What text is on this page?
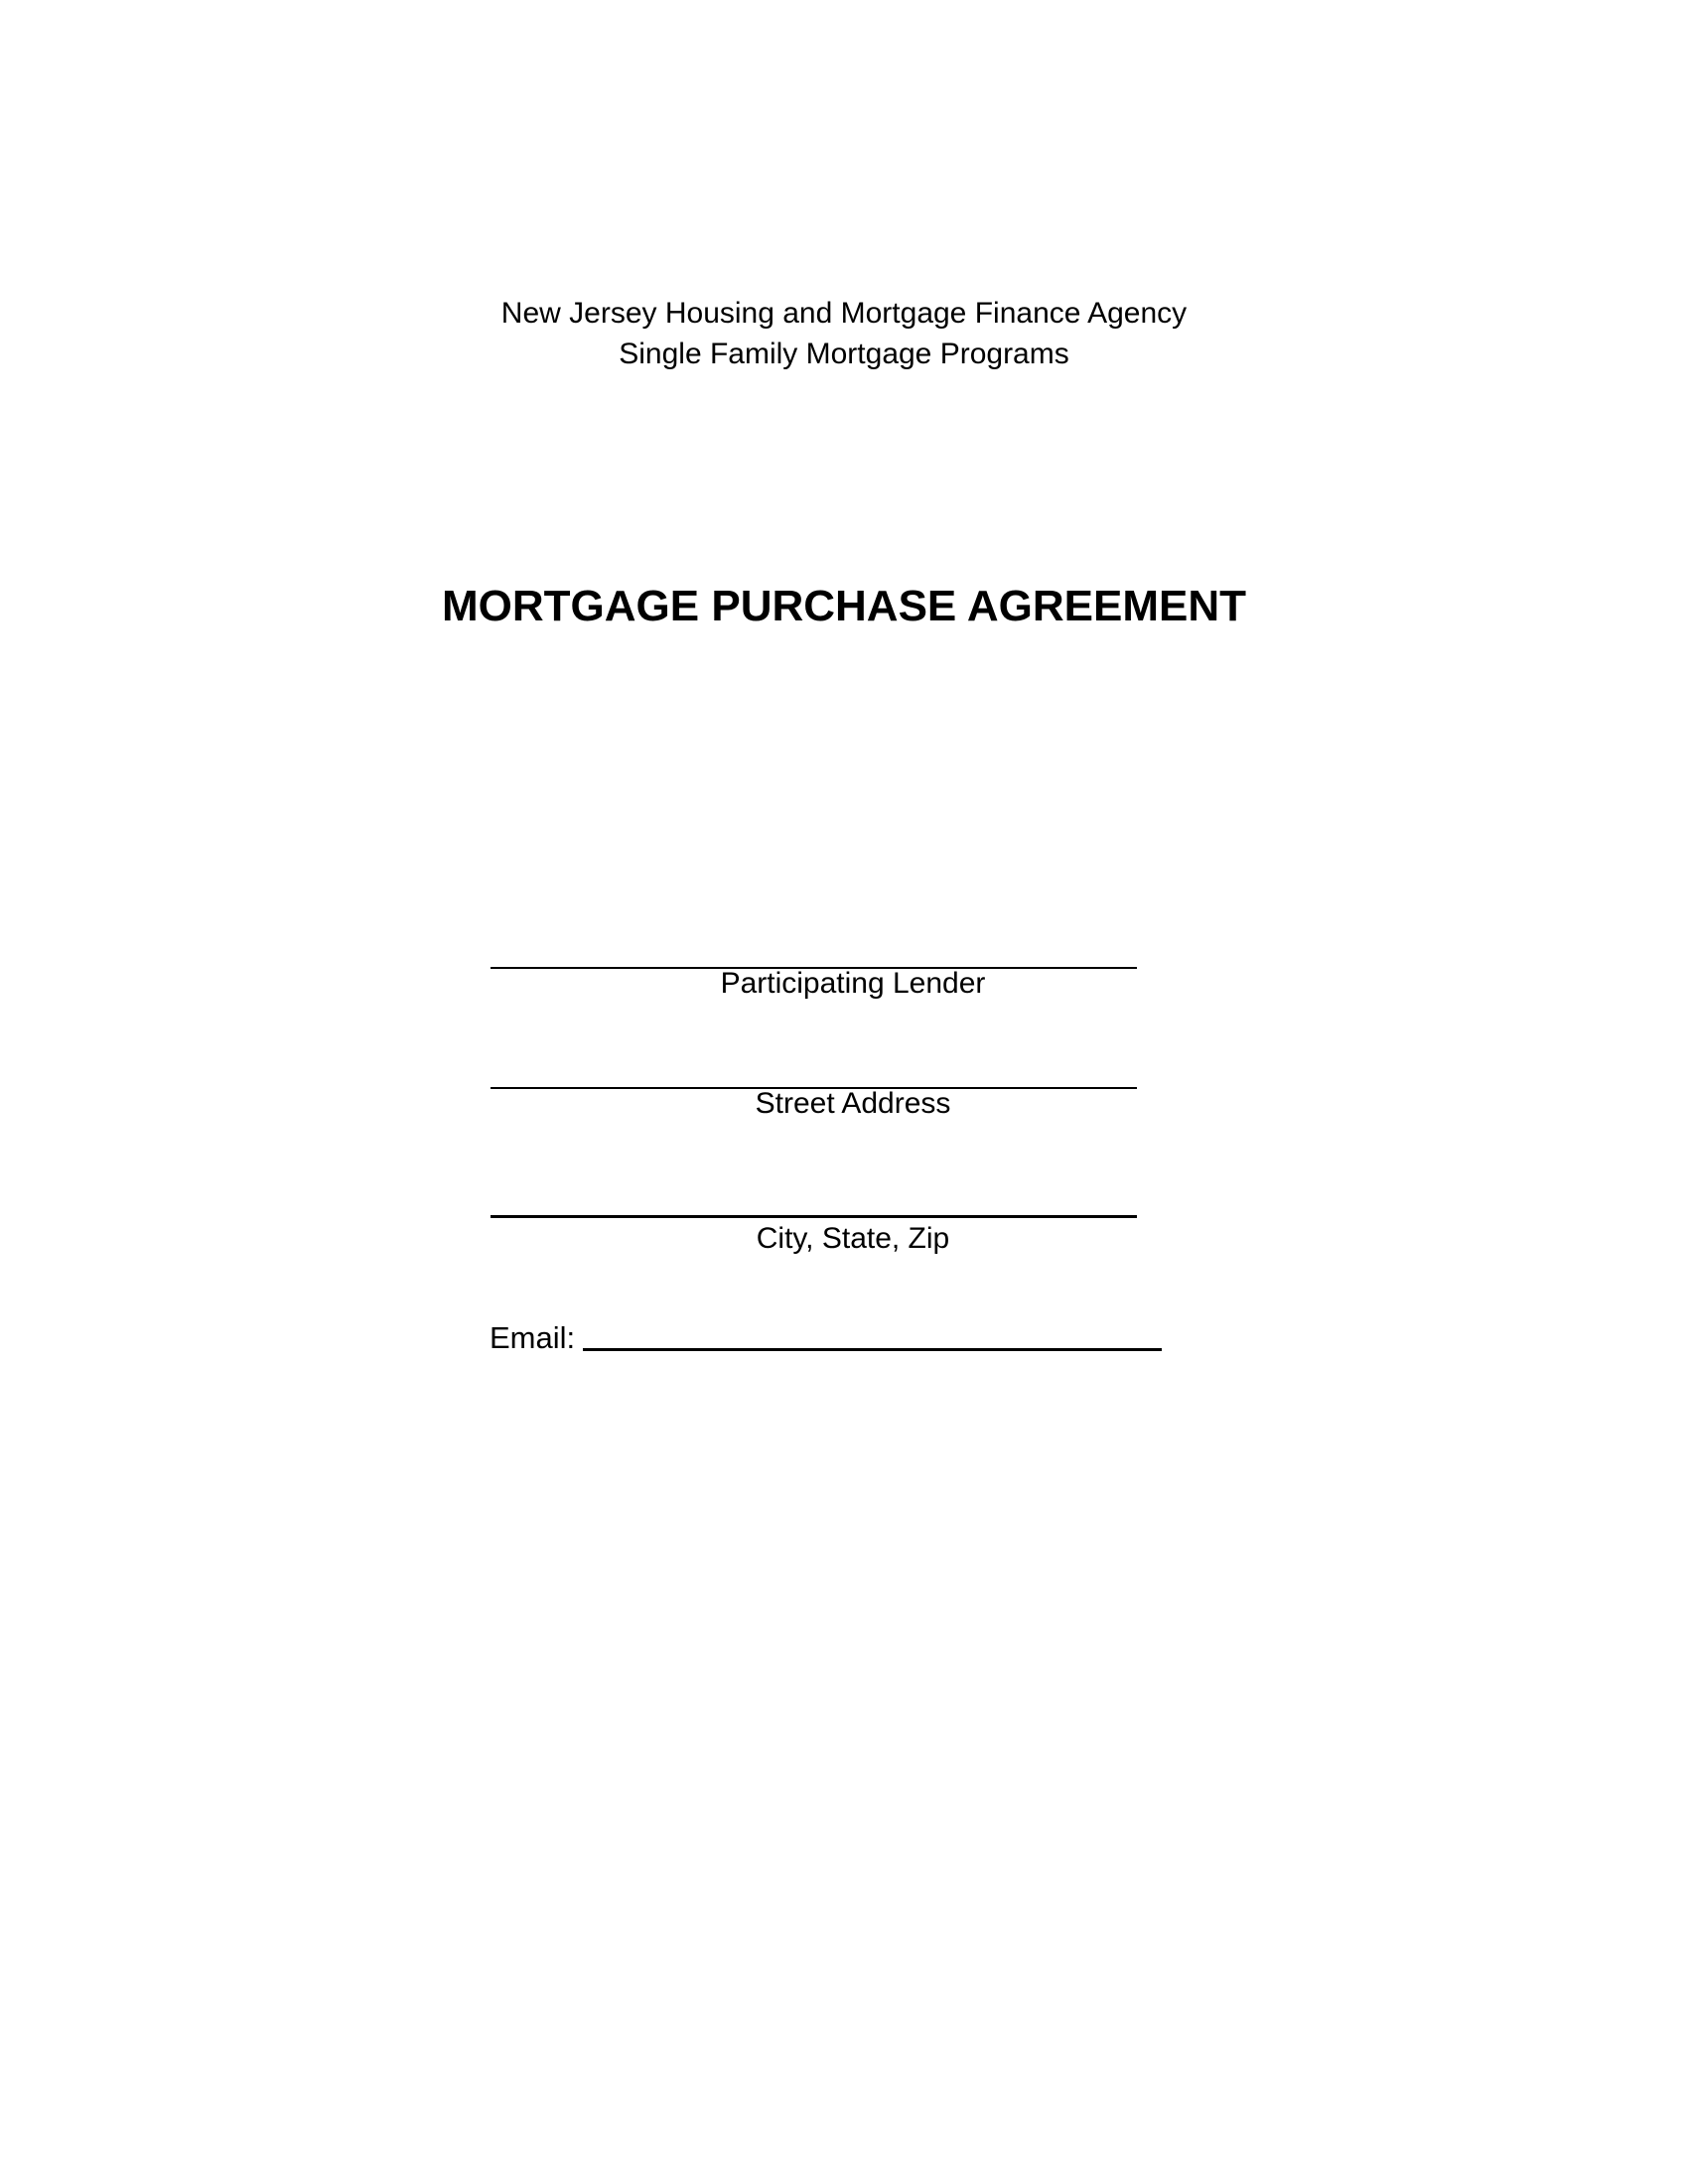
New Jersey Housing and Mortgage Finance Agency
Single Family Mortgage Programs
MORTGAGE PURCHASE AGREEMENT
Participating Lender
Street Address
City, State, Zip
Email:
